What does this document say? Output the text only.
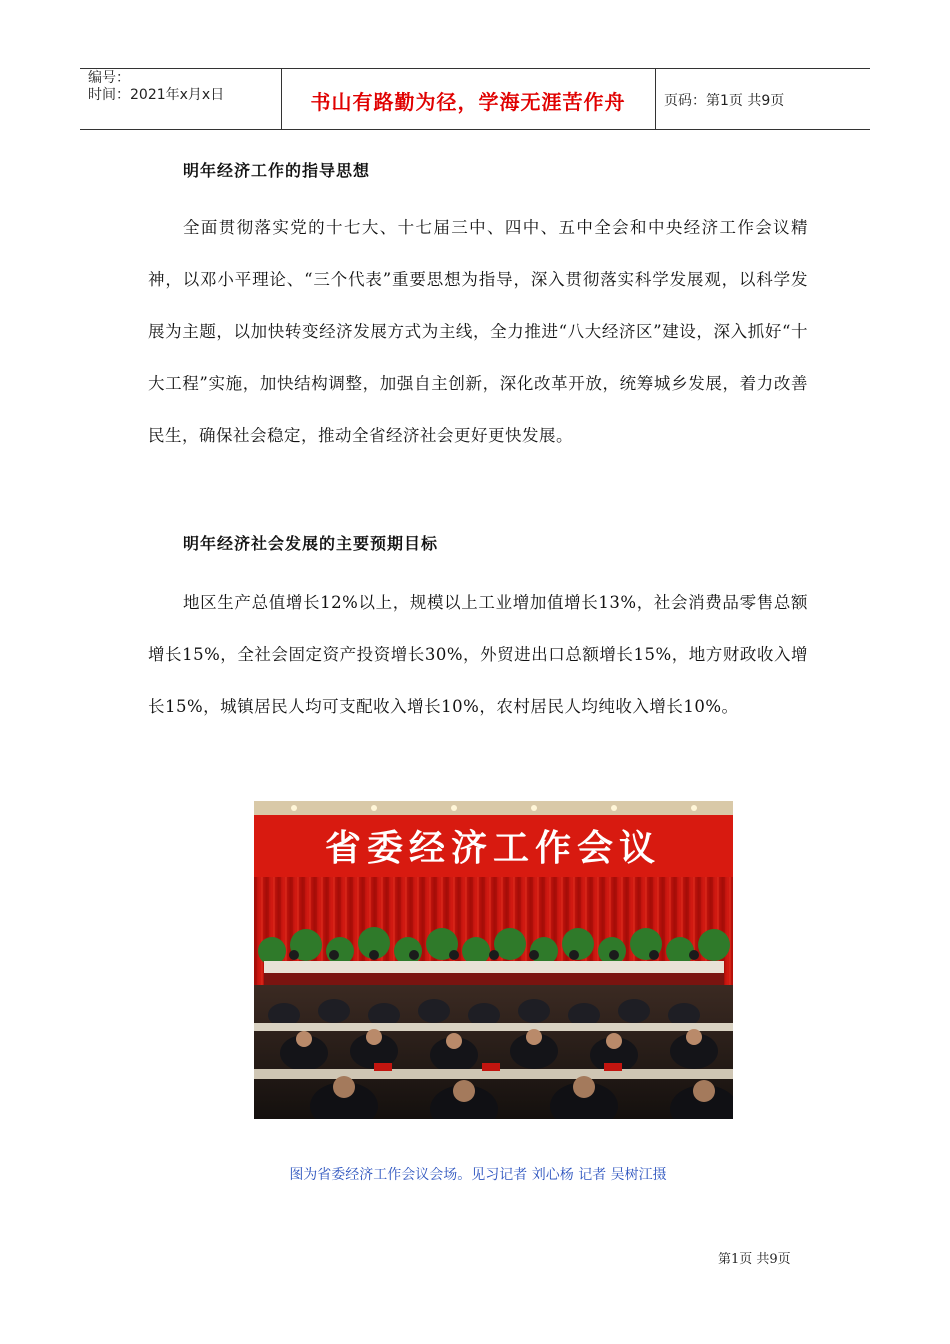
编号：
时间：2021年x月x日	书山有路勤为径，学海无涯苦作舟	页码：第1页 共9页
明年经济工作的指导思想
全面贯彻落实党的十七大、十七届三中、四中、五中全会和中央经济工作会议精神，以邓小平理论、“三个代表”重要思想为指导，深入贯彻落实科学发展观，以科学发展为主题，以加快转变经济发展方式为主线，全力推进“八大经济区”建设，深入抓好“十大工程”实施，加快结构调整，加强自主创新，深化改革开放，统筹城乡发展，着力改善民生，确保社会稳定，推动全省经济社会更好更快发展。
明年经济社会发展的主要预期目标
地区生产总值增长12%以上，规模以上工业增加值增长13%，社会消费品零售总额增长15%，全社会固定资产投资增长30%，外贸进出口总额增长15%，地方财政收入增长15%，城镇居民人均可支配收入增长10%，农村居民人均纯收入增长10%。
省委经济工作会议
图为省委经济工作会议会场。见习记者 刘心杨 记者 吴树江摄
第1页 共9页
